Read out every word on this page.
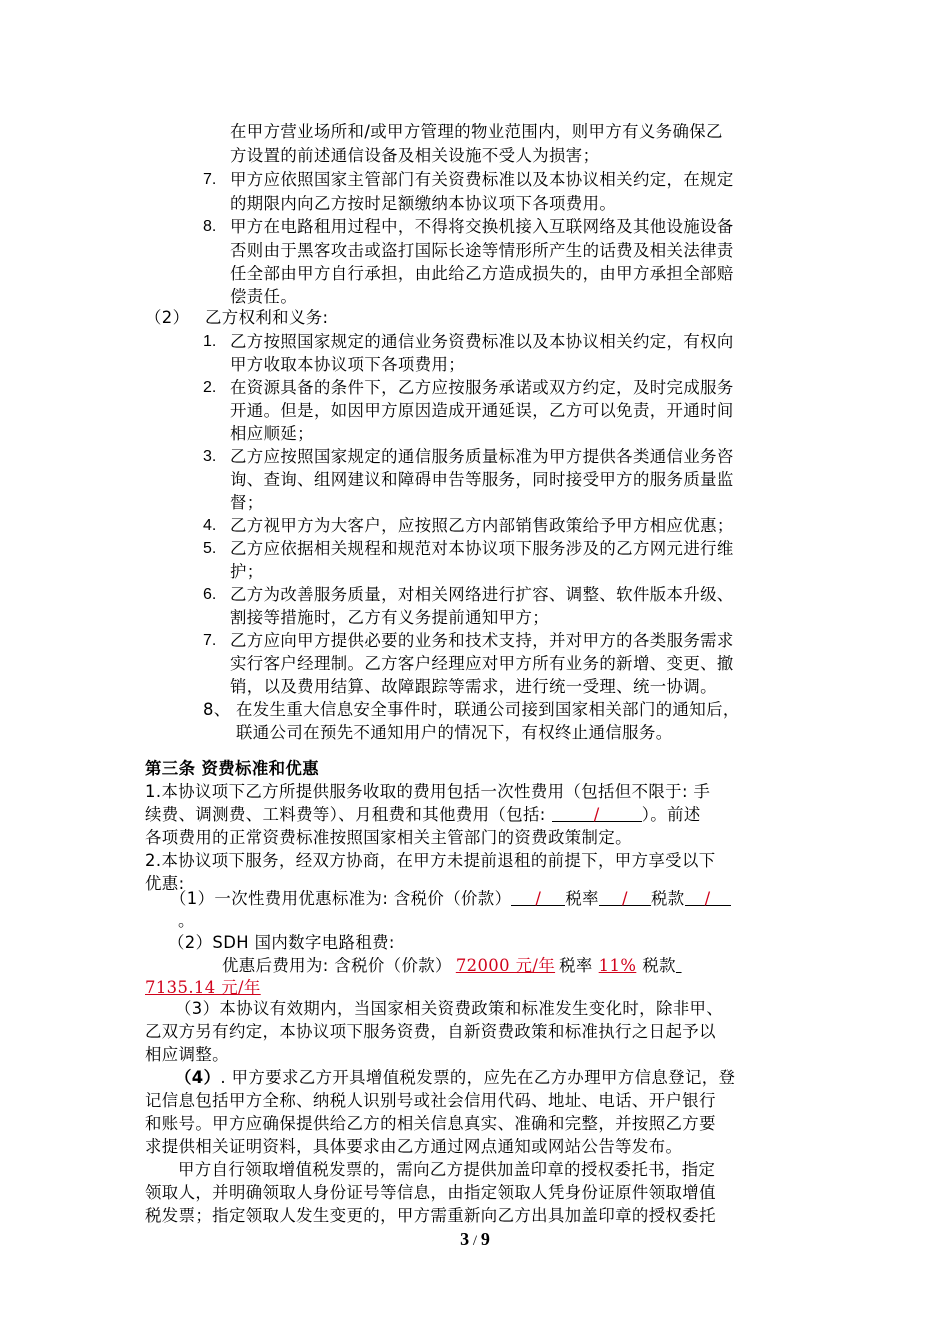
在甲方营业场所和/或甲方管理的物业范围内，则甲方有义务确保乙
方设置的前述通信设备及相关设施不受人为损害；
7. 甲方应依照国家主管部门有关资费标准以及本协议相关约定，在规定
的期限内向乙方按时足额缴纳本协议项下各项费用。
8. 甲方在电路租用过程中，不得将交换机接入互联网络及其他设施设备
否则由于黑客攻击或盗打国际长途等情形所产生的话费及相关法律责
任全部由甲方自行承担，由此给乙方造成损失的，由甲方承担全部赔
偿责任。
（2） 乙方权利和义务:
1. 乙方按照国家规定的通信业务资费标准以及本协议相关约定，有权向
甲方收取本协议项下各项费用；
2. 在资源具备的条件下，乙方应按服务承诺或双方约定，及时完成服务
开通。但是，如因甲方原因造成开通延误，乙方可以免责，开通时间
相应顺延；
3. 乙方应按照国家规定的通信服务质量标准为甲方提供各类通信业务咨
询、查询、组网建议和障碍申告等服务，同时接受甲方的服务质量监
督；
4. 乙方视甲方为大客户，应按照乙方内部销售政策给予甲方相应优惠；
5. 乙方应依据相关规程和规范对本协议项下服务涉及的乙方网元进行维
护；
6. 乙方为改善服务质量，对相关网络进行扩容、调整、软件版本升级、
割接等措施时，乙方有义务提前通知甲方；
7. 乙方应向甲方提供必要的业务和技术支持，并对甲方的各类服务需求
实行客户经理制。乙方客户经理应对甲方所有业务的新增、变更、撤
销，以及费用结算、故障跟踪等需求，进行统一受理、统一协调。
8、 在发生重大信息安全事件时，联通公司接到国家相关部门的通知后，
联通公司在预先不通知用户的情况下，有权终止通信服务。
第三条 资费标准和优惠
1.本协议项下乙方所提供服务收取的费用包括一次性费用（包括但不限于: 手
续费、调测费、工料费等）、月租费和其他费用（包括:	/	）。前述
各项费用的正常资费标准按照国家相关主管部门的资费政策制定。
2.本协议项下服务，经双方协商，在甲方未提前退租的前提下，甲方享受以下
优惠:
（1）一次性费用优惠标准为: 含税价（价款） / 税率 / 税款 /
。
（2）SDH 国内数字电路租费:
优惠后费用为: 含税价（价款） 72000 元/年 税率 11% 税款
7135.14 元/年
（3）本协议有效期内，当国家相关资费政策和标准发生变化时，除非甲、
乙双方另有约定，本协议项下服务资费，自新资费政策和标准执行之日起予以
相应调整。
（4）. 甲方要求乙方开具增值税发票的，应先在乙方办理甲方信息登记，登
记信息包括甲方全称、纳税人识别号或社会信用代码、地址、电话、开户银行
和账号。甲方应确保提供给乙方的相关信息真实、准确和完整，并按照乙方要
求提供相关证明资料，具体要求由乙方通过网点通知或网站公告等发布。
甲方自行领取增值税发票的，需向乙方提供加盖印章的授权委托书，指定
领取人，并明确领取人身份证号等信息，由指定领取人凭身份证原件领取增值
税发票；指定领取人发生变更的，甲方需重新向乙方出具加盖印章的授权委托
3 / 9
